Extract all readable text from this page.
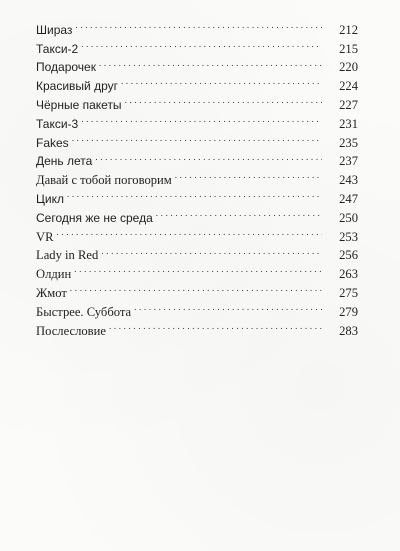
Шираз . . .	212
Такси-2 . . .	215
Подарочек . . .	220
Красивый друг . . .	224
Чёрные пакеты . . .	227
Такси-3 . . .	231
Fakes . . .	235
День лета . . .	237
Давай с тобой поговорим . . .	243
Цикл . . .	247
Сегодня же не среда . . .	250
VR . . .	253
Lady in Red . . .	256
Олдин . . .	263
Жмот . . .	275
Быстрее. Суббота . . .	279
Послесловие . . .	283
